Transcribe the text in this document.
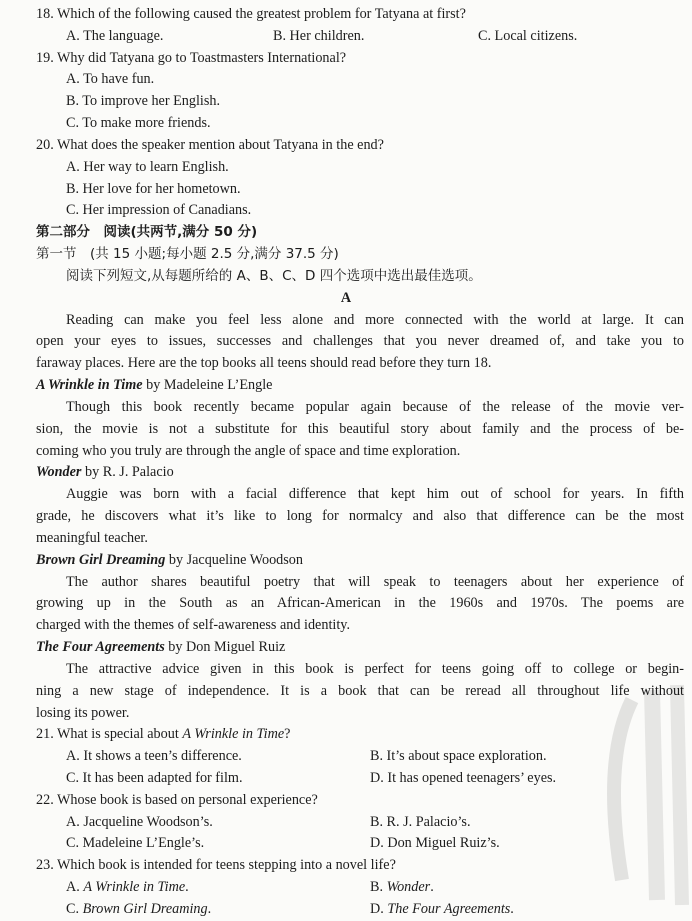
18. Which of the following caused the greatest problem for Tatyana at first?
A. The language.	B. Her children.	C. Local citizens.
19. Why did Tatyana go to Toastmasters International?
A. To have fun.
B. To improve her English.
C. To make more friends.
20. What does the speaker mention about Tatyana in the end?
A. Her way to learn English.
B. Her love for her hometown.
C. Her impression of Canadians.
第二部分　阅读(共两节,满分 50 分)
第一节　(共 15 小题;每小题 2.5 分,满分 37.5 分)
阅读下列短文,从每题所给的 A、B、C、D 四个选项中选出最佳选项。
A
Reading can make you feel less alone and more connected with the world at large. It can
open your eyes to issues, successes and challenges that you never dreamed of, and take you to
faraway places. Here are the top books all teens should read before they turn 18.
A Wrinkle in Time by Madeleine L’Engle
Though this book recently became popular again because of the release of the movie ver-
sion, the movie is not a substitute for this beautiful story about family and the process of be-
coming who you truly are through the angle of space and time exploration.
Wonder by R. J. Palacio
Auggie was born with a facial difference that kept him out of school for years. In fifth
grade, he discovers what it’s like to long for normalcy and also that difference can be the most
meaningful teacher.
Brown Girl Dreaming by Jacqueline Woodson
The author shares beautiful poetry that will speak to teenagers about her experience of
growing up in the South as an African-American in the 1960s and 1970s. The poems are
charged with the themes of self-awareness and identity.
The Four Agreements by Don Miguel Ruiz
The attractive advice given in this book is perfect for teens going off to college or begin-
ning a new stage of independence. It is a book that can be reread all throughout life without
losing its power.
21. What is special about A Wrinkle in Time?
A. It shows a teen’s difference.	B. It’s about space exploration.
C. It has been adapted for film.	D. It has opened teenagers’ eyes.
22. Whose book is based on personal experience?
A. Jacqueline Woodson’s.	B. R. J. Palacio’s.
C. Madeleine L’Engle’s.	D. Don Miguel Ruiz’s.
23. Which book is intended for teens stepping into a novel life?
A. A Wrinkle in Time.	B. Wonder.
C. Brown Girl Dreaming.	D. The Four Agreements.
